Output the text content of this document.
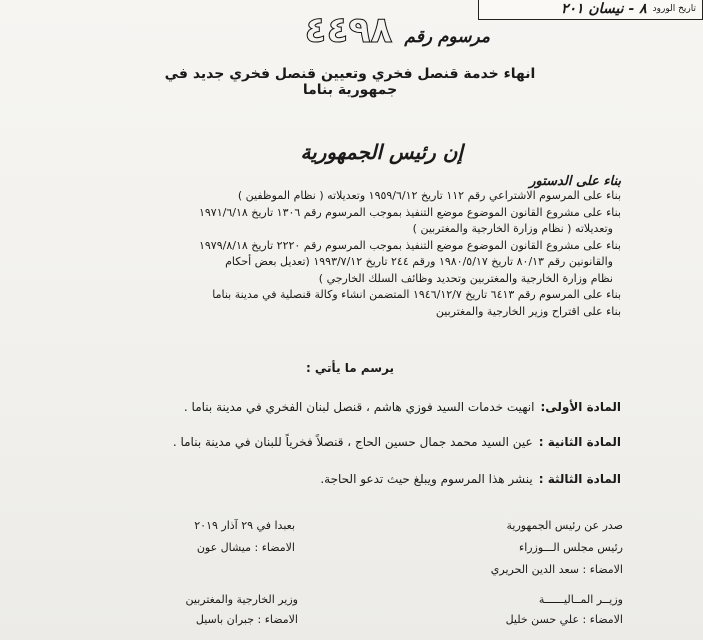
تاريخ الورود
٨ - نيسان ٢٠١
مرسوم رقم
٤٤٩٨
انهاء خدمة قنصل فخري وتعيين قنصل فخري جديد في جمهورية بناما
إن رئيس الجمهورية
بناء على الدستور
بناء على المرسوم الاشتراعي رقم ١١٢ تاريخ ١٩٥٩/٦/١٢ وتعديلاته ( نظام الموظفين )
بناء على مشروع القانون الموضوع موضع التنفيذ بموجب المرسوم رقم ١٣٠٦ تاريخ ١٩٧١/٦/١٨
وتعديلاته ( نظام وزارة الخارجية والمغتربين )
بناء على مشروع القانون الموضوع موضع التنفيذ بموجب المرسوم رقم ٢٢٢٠ تاريخ ١٩٧٩/٨/١٨
والقانونين رقم ٨٠/١٣ تاريخ ١٩٨٠/٥/١٧ ورقم ٢٤٤ تاريخ ١٩٩٣/٧/١٢ (تعديل بعض أحكام
نظام وزارة الخارجية والمغتربين وتحديد وظائف السلك الخارجي )
بناء على المرسوم رقم ٦٤١٣ تاريخ ١٩٤٦/١٢/٧ المتضمن انشاء وكالة قنصلية في مدينة بناما
بناء على اقتراح وزير الخارجية والمغتربين
يرسم ما يأتي :
المادة الأولى:
انهيت خدمات السيد فوزي هاشم ، قنصل لبنان الفخري في مدينة بناما .
المادة الثانية :
عين السيد محمد جمال حسين الحاج ، قنصلاً فخرياً للبنان في مدينة بناما .
المادة الثالثة :
ينشر هذا المرسوم ويبلغ حيث تدعو الحاجة.
صدر عن رئيس الجمهورية
رئيس مجلس الـــوزراء
الامضاء : سعد الدين الحريري
بعبدا في ٢٩ آذار ٢٠١٩
الامضاء : ميشال عون
وزيــر المــاليــــــة
الامضاء : علي حسن خليل
وزير الخارجية والمغتربين
الامضاء : جبران باسيل
